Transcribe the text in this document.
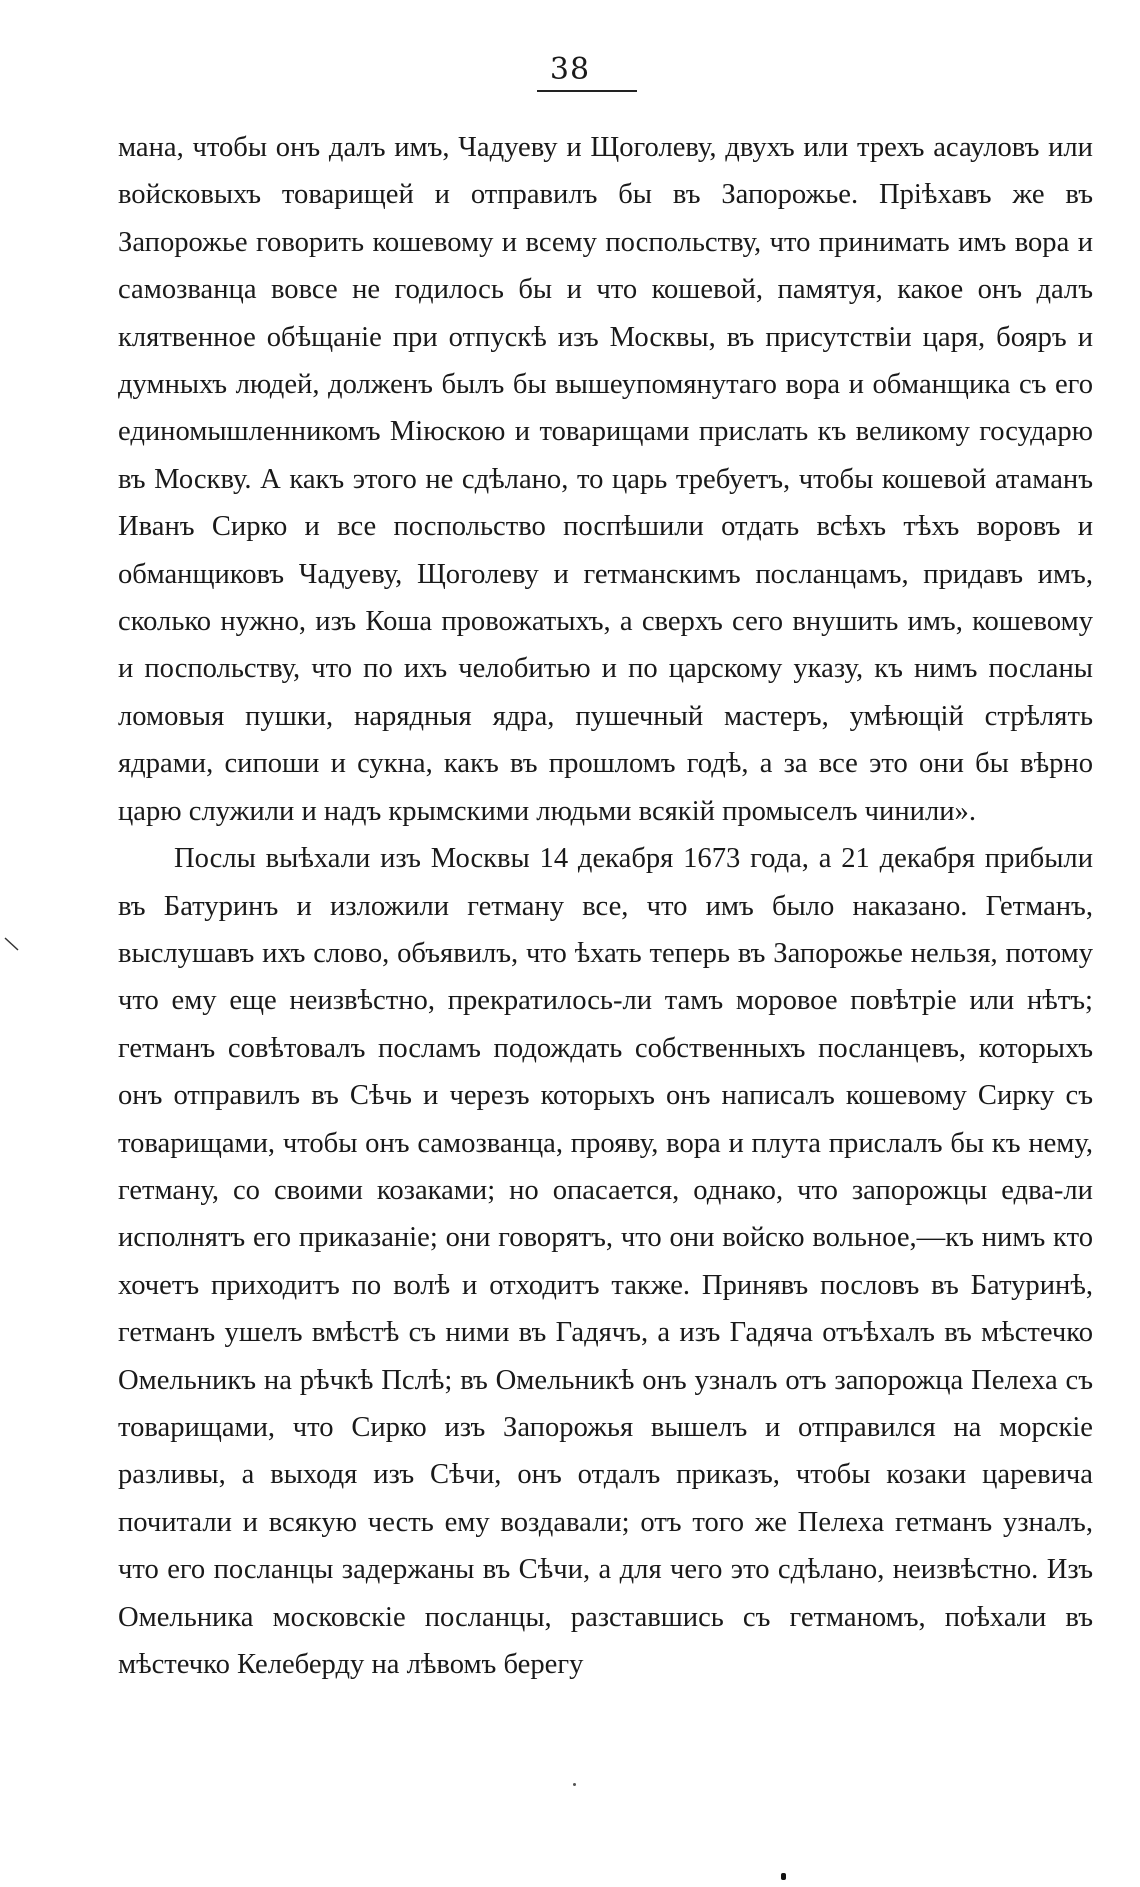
38

мана, чтобы онъ далъ имъ, Чадуеву и Щоголеву, двухъ или трехъ асауловъ или войсковыхъ товарищей и отправилъ бы въ Запорожье. Пріѣхавъ же въ Запорожье говорить кошевому и всему поспольству, что принимать имъ вора и самозванца вовсе не годилось бы и что кошевой, памятуя, какое онъ далъ клятвенное обѣщаніе при отпускѣ изъ Москвы, въ присутствіи царя, бояръ и думныхъ людей, долженъ былъ бы вышеупомянутаго вора и обманщика съ его единомышленникомъ Міюскою и товарищами прислать къ великому государю въ Москву. А какъ этого не сдѣлано, то царь требуетъ, чтобы кошевой атаманъ Иванъ Сирко и все поспольство поспѣшили отдать всѣхъ тѣхъ воровъ и обманщиковъ Чадуеву, Щоголеву и гетманскимъ посланцамъ, придавъ имъ, сколько нужно, изъ Коша провожатыхъ, а сверхъ сего внушить имъ, кошевому и поспольству, что по ихъ челобитью и по царскому указу, къ нимъ посланы ломовыя пушки, нарядныя ядра, пушечный мастеръ, умѣющій стрѣлять ядрами, сипоши и сукна, какъ въ прошломъ годѣ, а за все это они бы вѣрно царю служили и надъ крымскими людьми всякій промыселъ чинили».

Послы выѣхали изъ Москвы 14 декабря 1673 года, а 21 декабря прибыли въ Батуринъ и изложили гетману все, что имъ было наказано. Гетманъ, выслушавъ ихъ слово, объявилъ, что ѣхать теперь въ Запорожье нельзя, потому что ему еще неизвѣстно, прекратилось-ли тамъ моровое повѣтріе или нѣтъ; гетманъ совѣтовалъ посламъ подождать собственныхъ посланцевъ, которыхъ онъ отправилъ въ Сѣчь и черезъ которыхъ онъ написалъ кошевому Сирку съ товарищами, чтобы онъ самозванца, прояву, вора и плута прислалъ бы къ нему, гетману, со своими козаками; но опасается, однако, что запорожцы едва-ли исполнятъ его приказаніе; они говорятъ, что они войско вольное,—къ нимъ кто хочетъ приходитъ по волѣ и отходитъ также. Принявъ пословъ въ Батуринѣ, гетманъ ушелъ вмѣстѣ съ ними въ Гадячъ, а изъ Гадяча отъѣхалъ въ мѣстечко Омельникъ на рѣчкѣ Пслѣ; въ Омельникѣ онъ узналъ отъ запорожца Пелеха съ товарищами, что Сирко изъ Запорожья вышелъ и отправился на морскіе разливы, а выходя изъ Сѣчи, онъ отдалъ приказъ, чтобы козаки царевича почитали и всякую честь ему воздавали; отъ того же Пелеха гетманъ узналъ, что его посланцы задержаны въ Сѣчи, а для чего это сдѣлано, неизвѣстно. Изъ Омельника московскіе посланцы, разставшись съ гетманомъ, поѣхали въ мѣстечко Келеберду на лѣвомъ берегу
